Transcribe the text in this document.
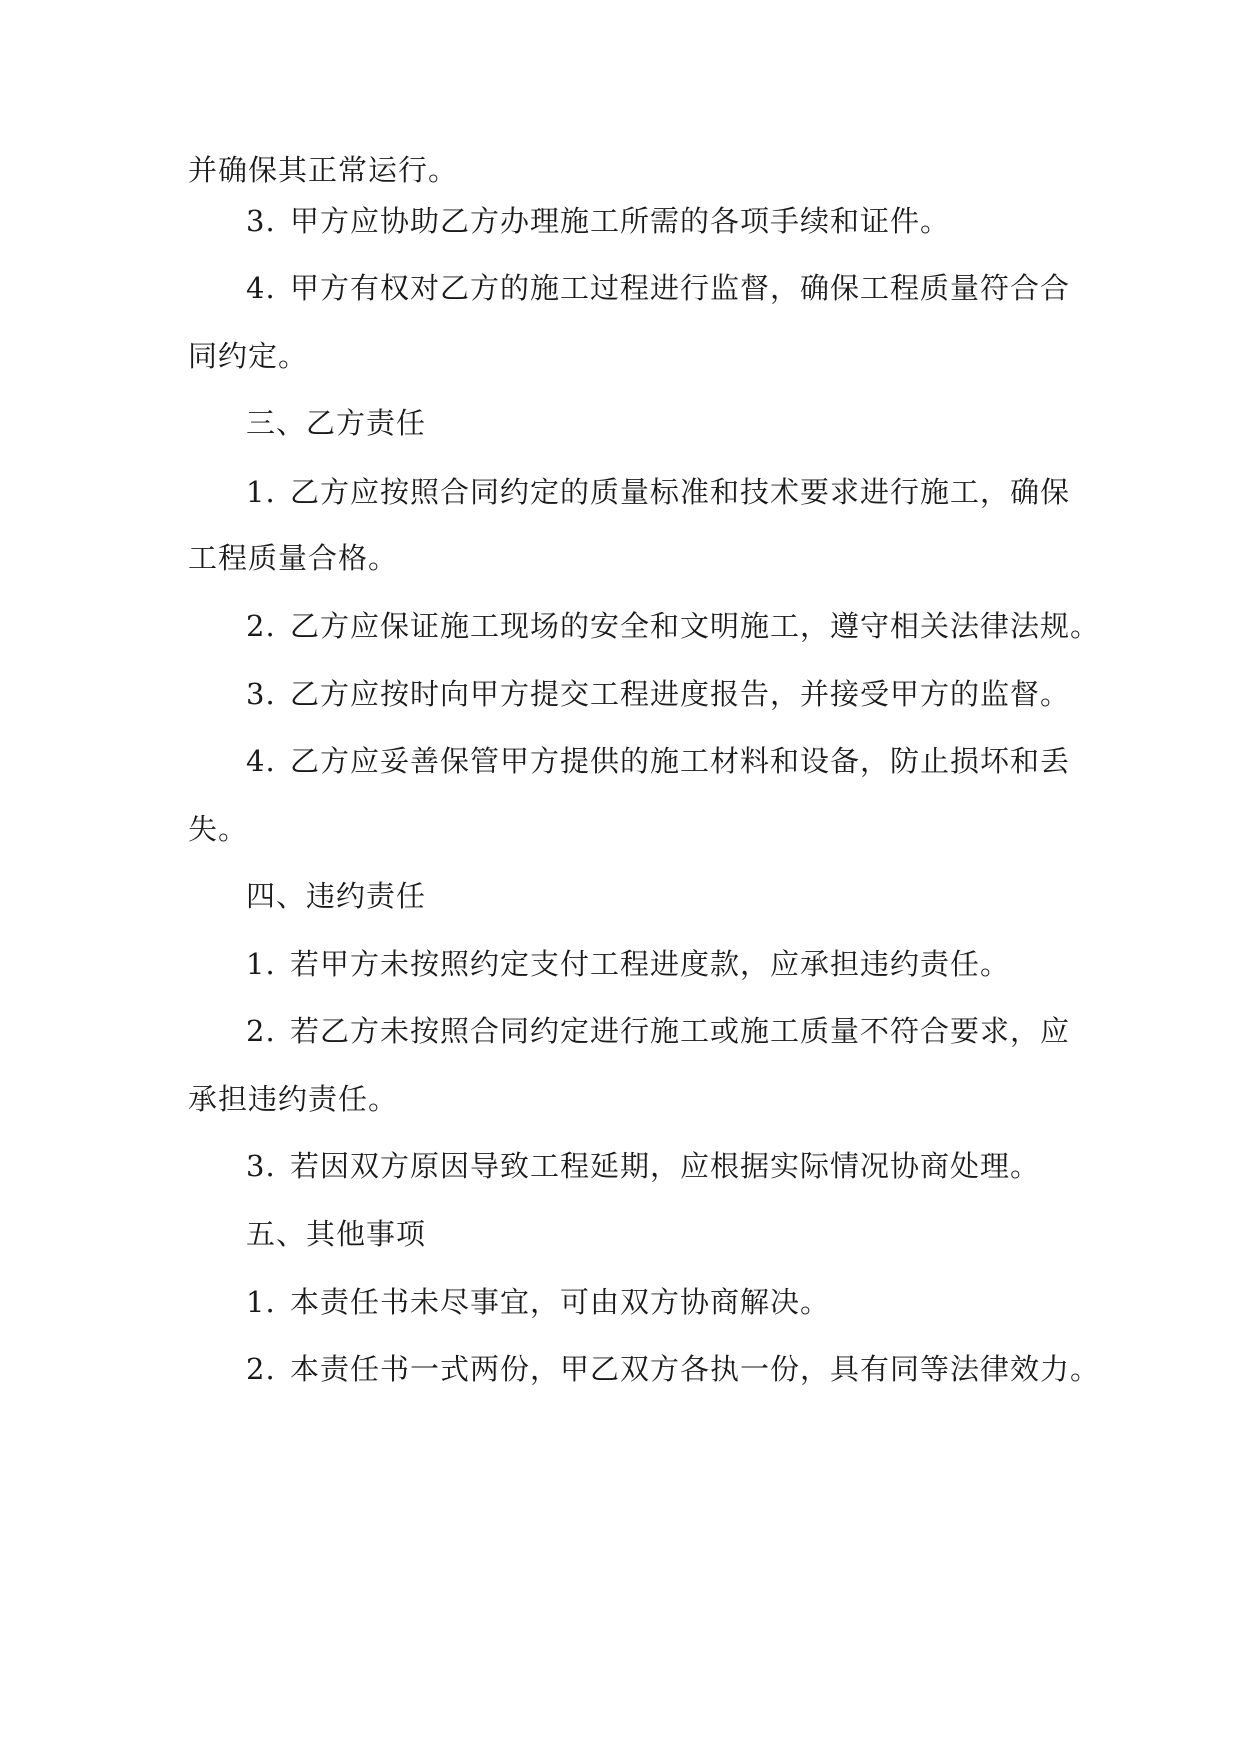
并确保其正常运行。
3. 甲方应协助乙方办理施工所需的各项手续和证件。
4. 甲方有权对乙方的施工过程进行监督，确保工程质量符合合
同约定。
三、乙方责任
1. 乙方应按照合同约定的质量标准和技术要求进行施工，确保
工程质量合格。
2. 乙方应保证施工现场的安全和文明施工，遵守相关法律法规。
3. 乙方应按时向甲方提交工程进度报告，并接受甲方的监督。
4. 乙方应妥善保管甲方提供的施工材料和设备，防止损坏和丢
失。
四、违约责任
1. 若甲方未按照约定支付工程进度款，应承担违约责任。
2. 若乙方未按照合同约定进行施工或施工质量不符合要求，应
承担违约责任。
3. 若因双方原因导致工程延期，应根据实际情况协商处理。
五、其他事项
1. 本责任书未尽事宜，可由双方协商解决。
2. 本责任书一式两份，甲乙双方各执一份，具有同等法律效力。
